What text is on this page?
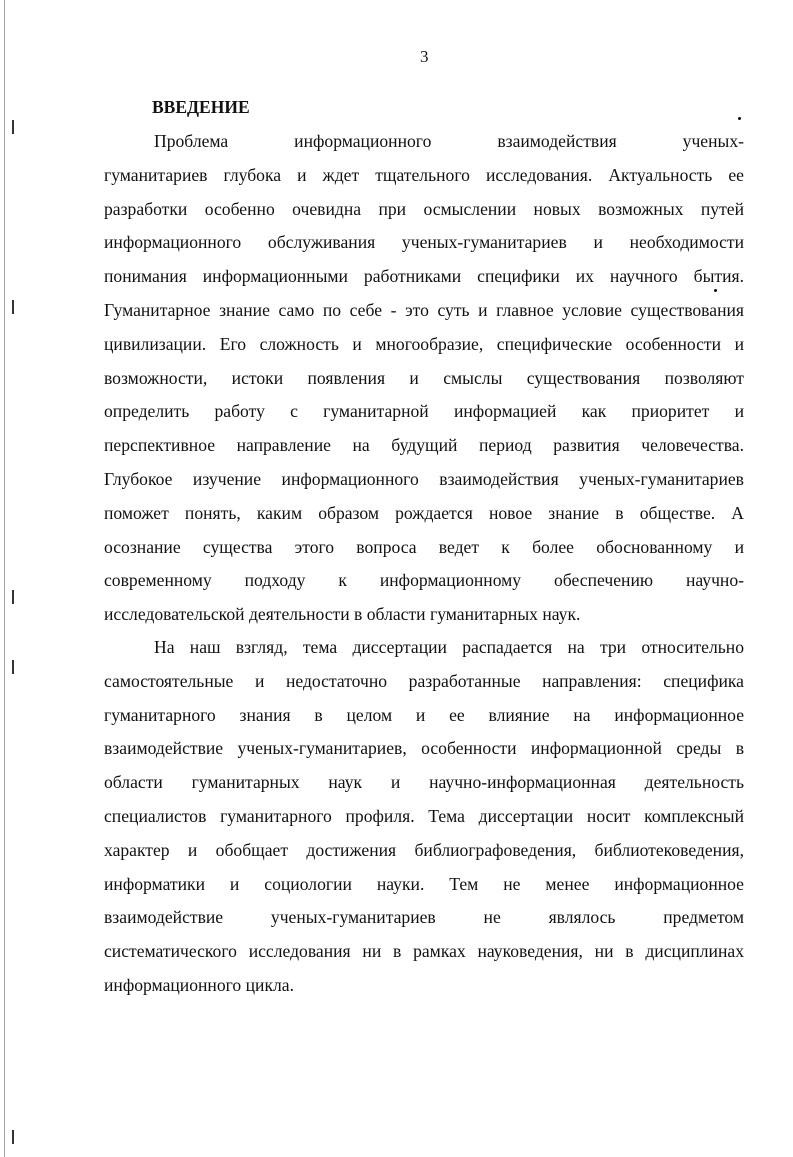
3
ВВЕДЕНИЕ
Проблема информационного взаимодействия ученых-
гуманитариев глубока и ждет тщательного исследования. Актуальность ее
разработки особенно очевидна при осмыслении новых возможных путей
информационного обслуживания ученых-гуманитариев и необходимости
понимания информационными работниками специфики их научного бытия.
Гуманитарное знание само по себе - это суть и главное условие существования
цивилизации. Его сложность и многообразие, специфические особенности и
возможности, истоки появления и смыслы существования позволяют
определить работу с гуманитарной информацией как приоритет и
перспективное направление на будущий период развития человечества.
Глубокое изучение информационного взаимодействия ученых-гуманитариев
поможет понять, каким образом рождается новое знание в обществе. А
осознание существа этого вопроса ведет к более обоснованному и
современному подходу к информационному обеспечению научно-
исследовательской деятельности в области гуманитарных наук.
На наш взгляд, тема диссертации распадается на три относительно
самостоятельные и недостаточно разработанные направления: специфика
гуманитарного знания в целом и ее влияние на информационное
взаимодействие ученых-гуманитариев, особенности информационной среды в
области гуманитарных наук и научно-информационная деятельность
специалистов гуманитарного профиля. Тема диссертации носит комплексный
характер и обобщает достижения библиографоведения, библиотековедения,
информатики и социологии науки. Тем не менее информационное
взаимодействие ученых-гуманитариев не являлось предметом
систематического исследования ни в рамках науковедения, ни в дисциплинах
информационного цикла.
